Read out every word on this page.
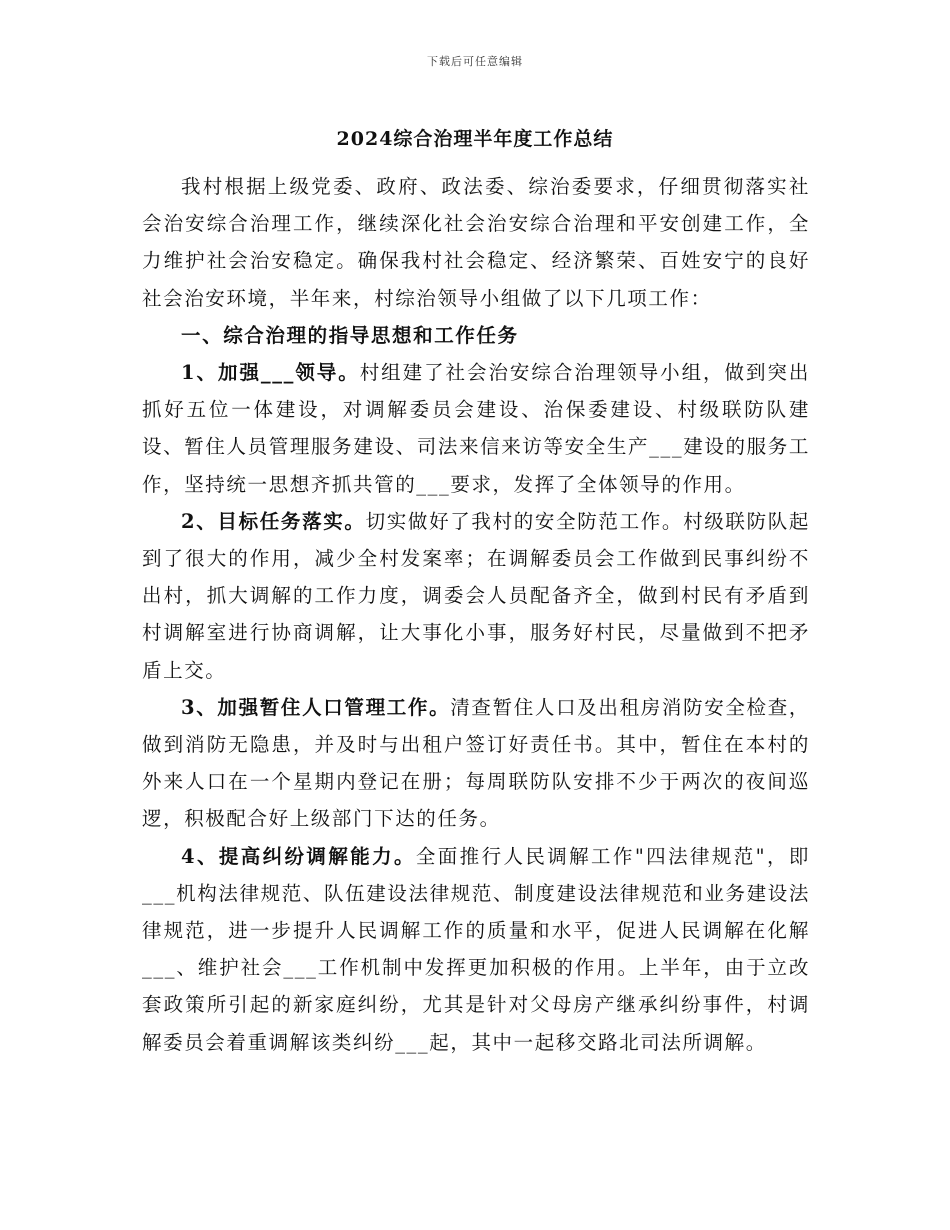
下载后可任意编辑
2024综合治理半年度工作总结

我村根据上级党委、政府、政法委、综治委要求，仔细贯彻落实社会治安综合治理工作，继续深化社会治安综合治理和平安创建工作，全力维护社会治安稳定。确保我村社会稳定、经济繁荣、百姓安宁的良好社会治安环境，半年来，村综治领导小组做了以下几项工作：

一、综合治理的指导思想和工作任务

1、加强___领导。村组建了社会治安综合治理领导小组，做到突出抓好五位一体建设，对调解委员会建设、治保委建设、村级联防队建设、暂住人员管理服务建设、司法来信来访等安全生产___建设的服务工作，坚持统一思想齐抓共管的___要求，发挥了全体领导的作用。

2、目标任务落实。切实做好了我村的安全防范工作。村级联防队起到了很大的作用，减少全村发案率；在调解委员会工作做到民事纠纷不出村，抓大调解的工作力度，调委会人员配备齐全，做到村民有矛盾到村调解室进行协商调解，让大事化小事，服务好村民，尽量做到不把矛盾上交。

3、加强暂住人口管理工作。清查暂住人口及出租房消防安全检查，做到消防无隐患，并及时与出租户签订好责任书。其中，暂住在本村的外来人口在一个星期内登记在册；每周联防队安排不少于两次的夜间巡逻，积极配合好上级部门下达的任务。

4、提高纠纷调解能力。全面推行人民调解工作"四法律规范"，即___机构法律规范、队伍建设法律规范、制度建设法律规范和业务建设法律规范，进一步提升人民调解工作的质量和水平，促进人民调解在化解___、维护社会___工作机制中发挥更加积极的作用。上半年，由于立改套政策所引起的新家庭纠纷，尤其是针对父母房产继承纠纷事件，村调解委员会着重调解该类纠纷___起，其中一起移交路北司法所调解。
